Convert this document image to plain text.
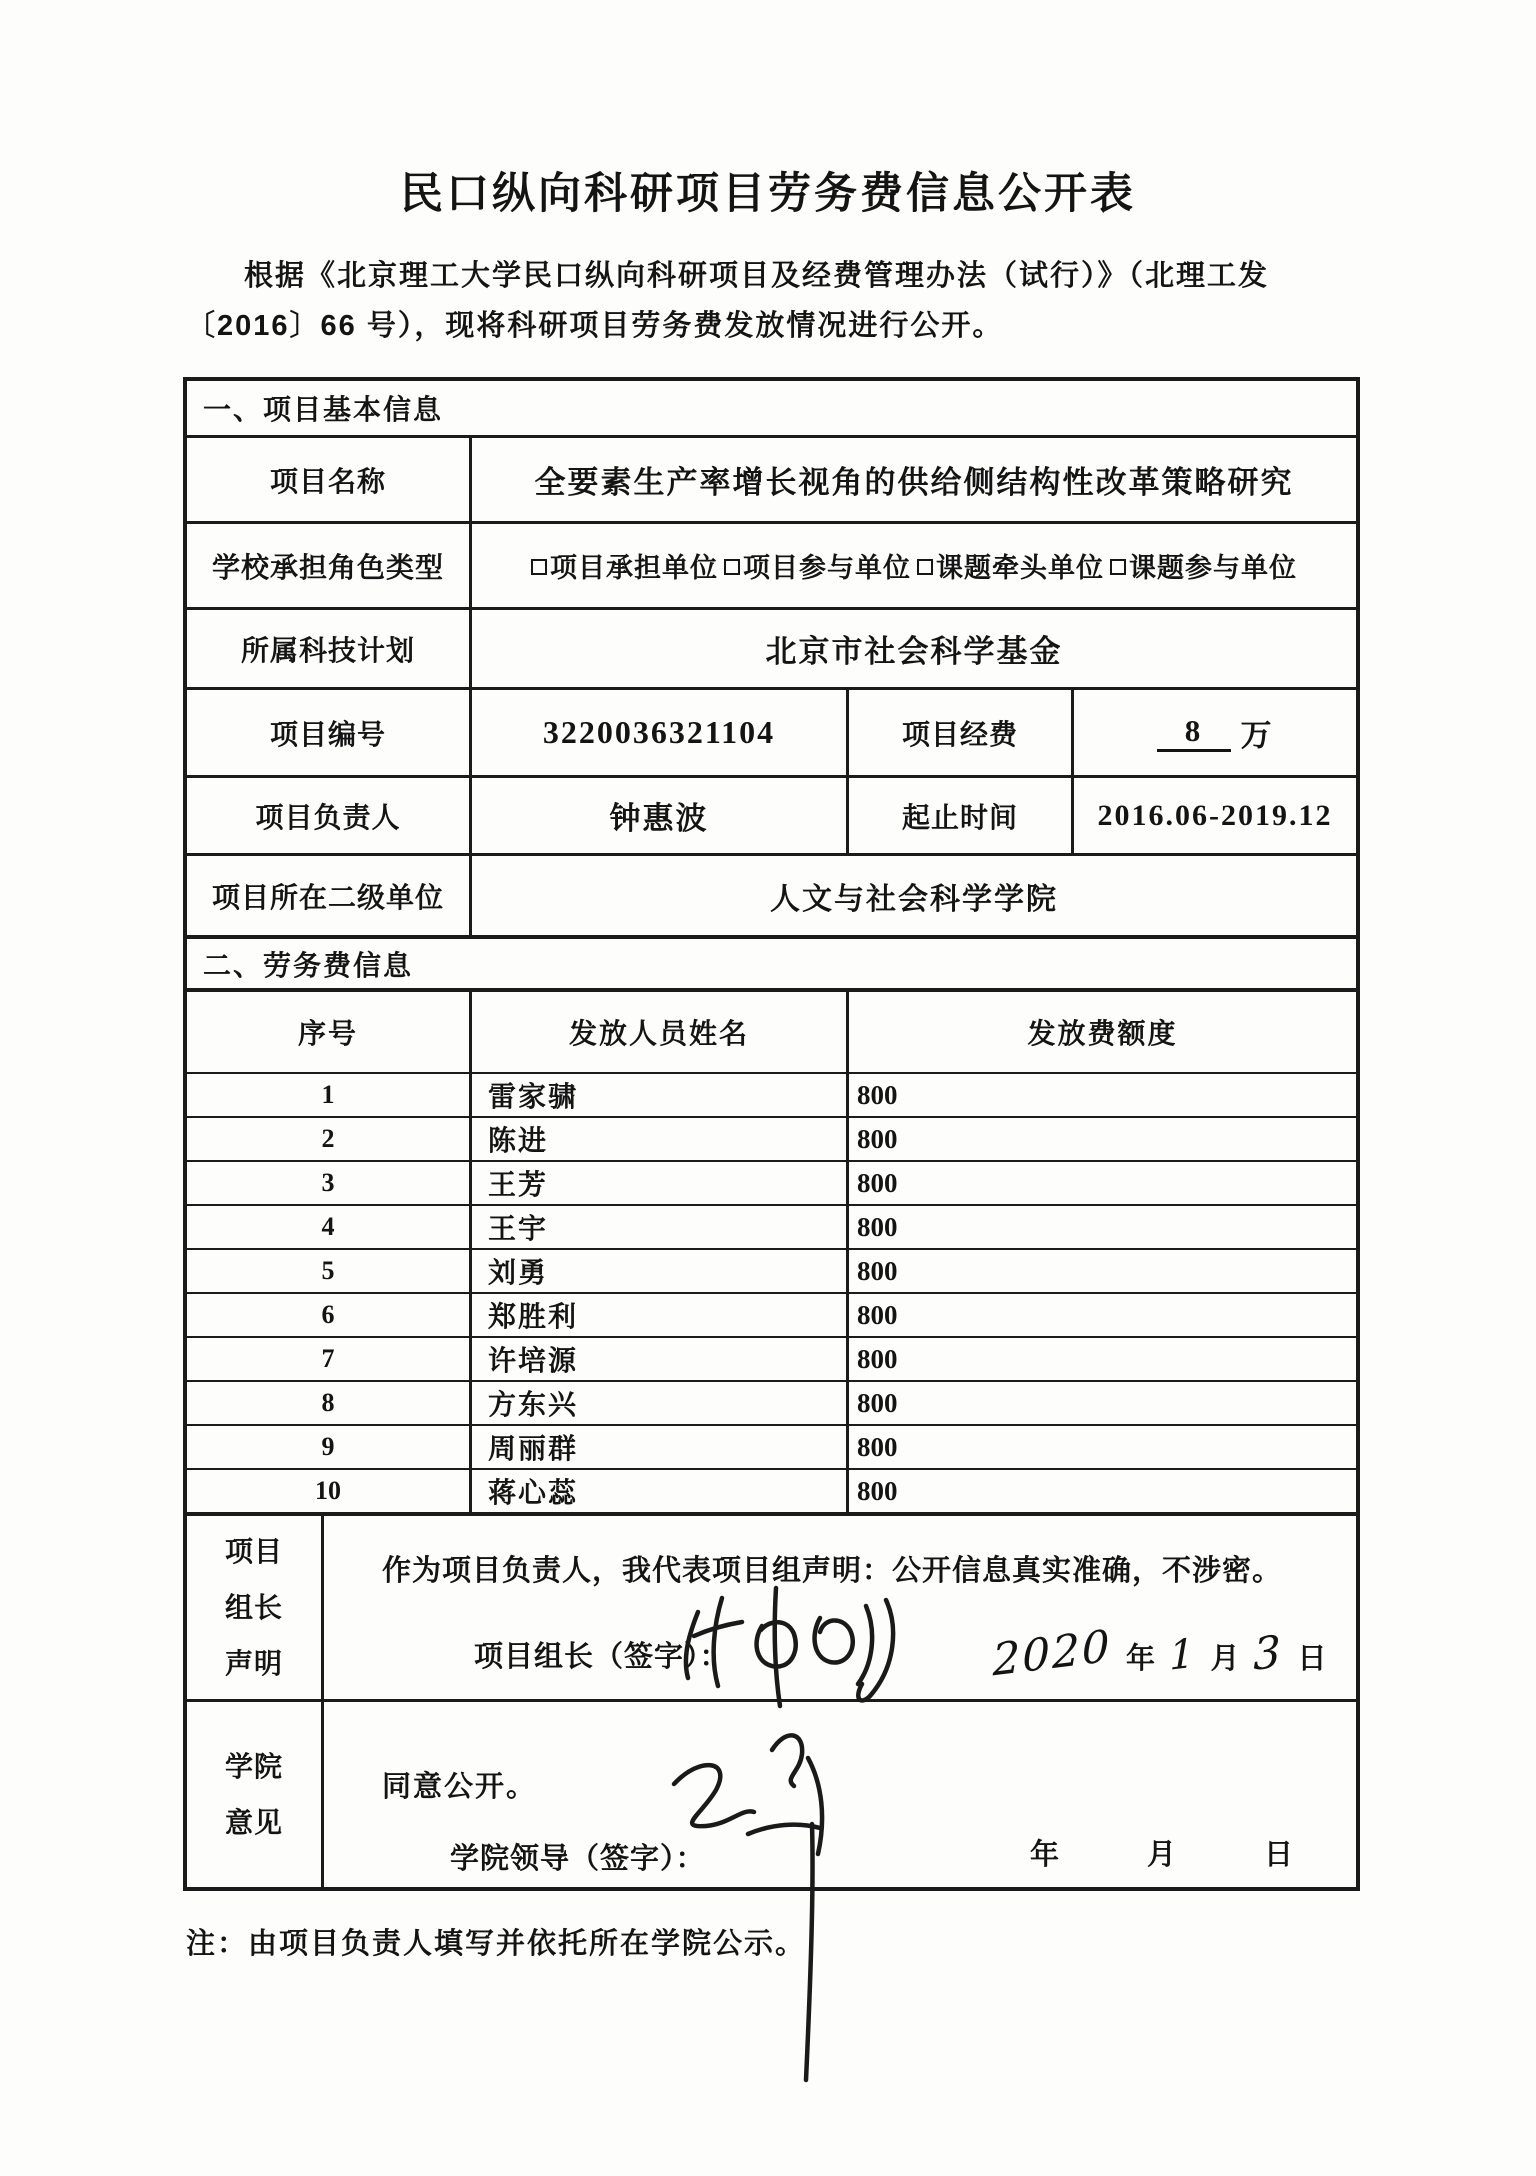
民口纵向科研项目劳务费信息公开表
根据《北京理工大学民口纵向科研项目及经费管理办法（试行）》（北理工发
〔2016〕66 号），现将科研项目劳务费发放情况进行公开。
一、项目基本信息
项目名称	全要素生产率增长视角的供给侧结构性改革策略研究
学校承担角色类型	项目承担单位 项目参与单位 课题牵头单位 课题参与单位
所属科技计划	北京市社会科学基金
项目编号	3220036321104	项目经费	8	万
项目负责人	钟惠波	起止时间	2016.06-2019.12
项目所在二级单位	人文与社会科学学院
二、劳务费信息
序号	发放人员姓名	发放费额度
1	雷家骕	800
2	陈进	800
3	王芳	800
4	王宇	800
5	刘勇	800
6	郑胜利	800
7	许培源	800
8	方东兴	800
9	周丽群	800
10	蒋心蕊	800
项目
组长
声明
作为项目负责人，我代表项目组声明：公开信息真实准确，不涉密。
项目组长（签字）：	2020 年 1 月 3 日
学院
意见
同意公开。
学院领导（签字）：	年	月	日

注：由项目负责人填写并依托所在学院公示。
